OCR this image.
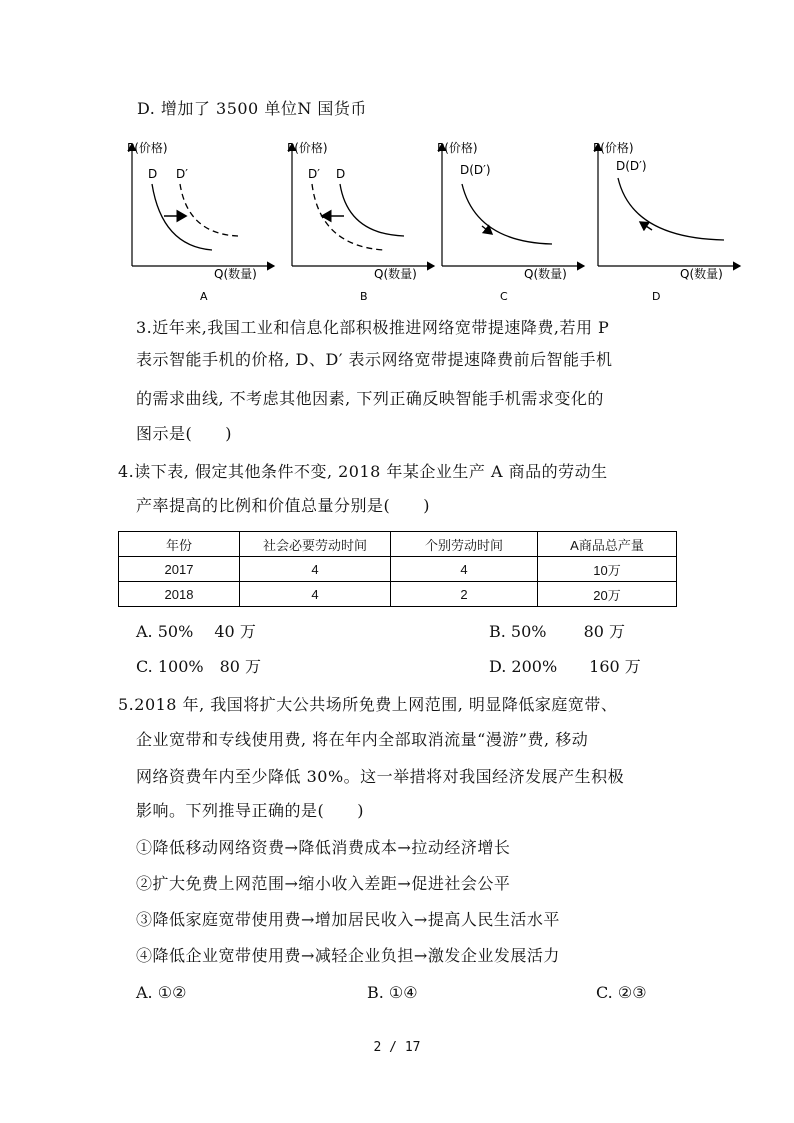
D. 增加了 3500 单位N 国货币
P(价格)
Q(数量)
D D′
A
P(价格)
Q(数量)
D′ D
B
P(价格)
Q(数量)
D(D′)
C
P(价格)
Q(数量)
D(D′)
D
3.近年来,我国工业和信息化部积极推进网络宽带提速降费,若用 P
表示智能手机的价格, D、D′ 表示网络宽带提速降费前后智能手机
的需求曲线, 不考虑其他因素, 下列正确反映智能手机需求变化的
图示是(　　)
4.读下表, 假定其他条件不变, 2018 年某企业生产 A 商品的劳动生
产率提高的比例和价值总量分别是(　　)
年份	社会必要劳动时间	个别劳动时间	A商品总产量
2017	4	4	10万
2018	4	2	20万
A. 50%　 40 万	B. 50%　　 80 万
C. 100%　80 万	D. 200%　　160 万
5.2018 年, 我国将扩大公共场所免费上网范围, 明显降低家庭宽带、
企业宽带和专线使用费, 将在年内全部取消流量“漫游”费, 移动
网络资费年内至少降低 30%。这一举措将对我国经济发展产生积极
影响。下列推导正确的是(　　)
①降低移动网络资费→降低消费成本→拉动经济增长
②扩大免费上网范围→缩小收入差距→促进社会公平
③降低家庭宽带使用费→增加居民收入→提高人民生活水平
④降低企业宽带使用费→减轻企业负担→激发企业发展活力
A. ①②	B. ①④	C. ②③
2 / 17
